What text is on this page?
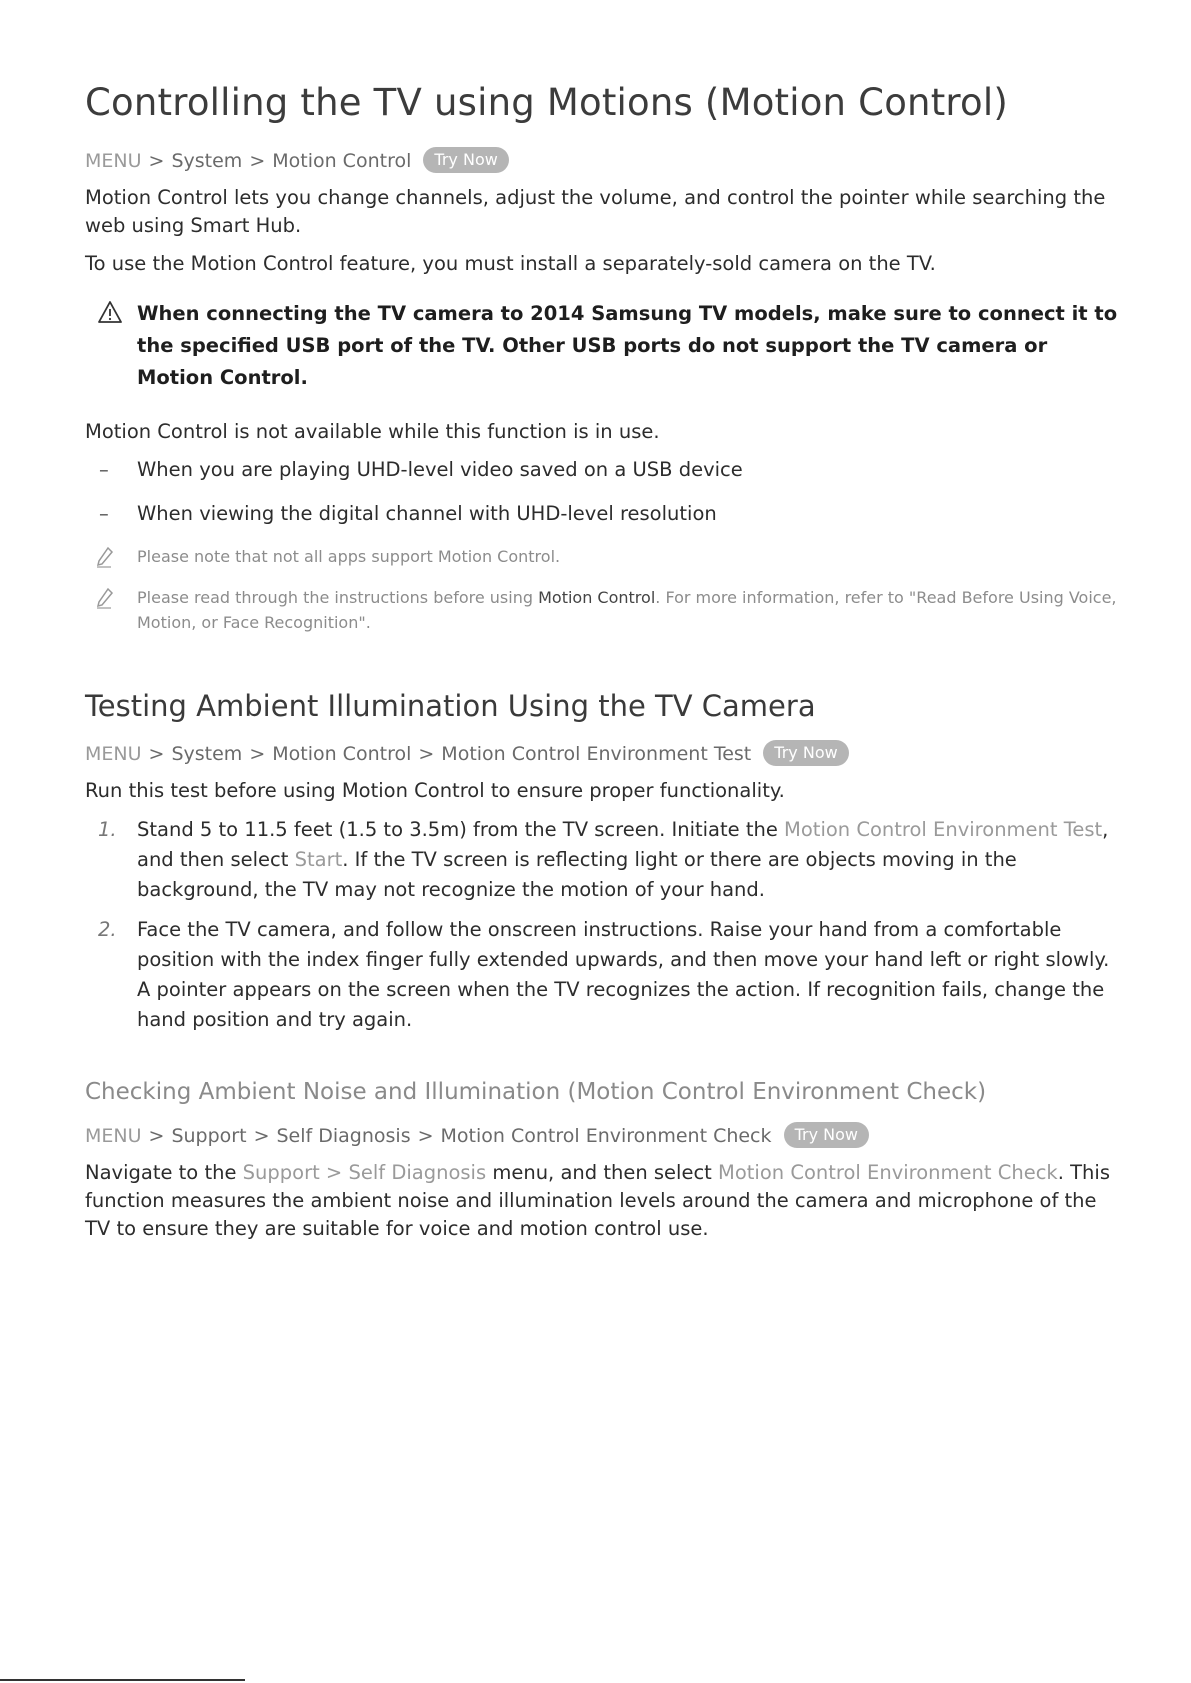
Controlling the TV using Motions (Motion Control)
MENU > System > Motion Control Try Now
Motion Control lets you change channels, adjust the volume, and control the pointer while searching the web using Smart Hub.
To use the Motion Control feature, you must install a separately-sold camera on the TV.
When connecting the TV camera to 2014 Samsung TV models, make sure to connect it to the specified USB port of the TV. Other USB ports do not support the TV camera or Motion Control.
Motion Control is not available while this function is in use.
– When you are playing UHD-level video saved on a USB device
– When viewing the digital channel with UHD-level resolution
Please note that not all apps support Motion Control.
Please read through the instructions before using Motion Control. For more information, refer to "Read Before Using Voice, Motion, or Face Recognition".
Testing Ambient Illumination Using the TV Camera
MENU > System > Motion Control > Motion Control Environment Test Try Now
Run this test before using Motion Control to ensure proper functionality.
1. Stand 5 to 11.5 feet (1.5 to 3.5m) from the TV screen. Initiate the Motion Control Environment Test, and then select Start. If the TV screen is reflecting light or there are objects moving in the background, the TV may not recognize the motion of your hand.
2. Face the TV camera, and follow the onscreen instructions. Raise your hand from a comfortable position with the index finger fully extended upwards, and then move your hand left or right slowly. A pointer appears on the screen when the TV recognizes the action. If recognition fails, change the hand position and try again.
Checking Ambient Noise and Illumination (Motion Control Environment Check)
MENU > Support > Self Diagnosis > Motion Control Environment Check Try Now
Navigate to the Support > Self Diagnosis menu, and then select Motion Control Environment Check. This function measures the ambient noise and illumination levels around the camera and microphone of the TV to ensure they are suitable for voice and motion control use.
